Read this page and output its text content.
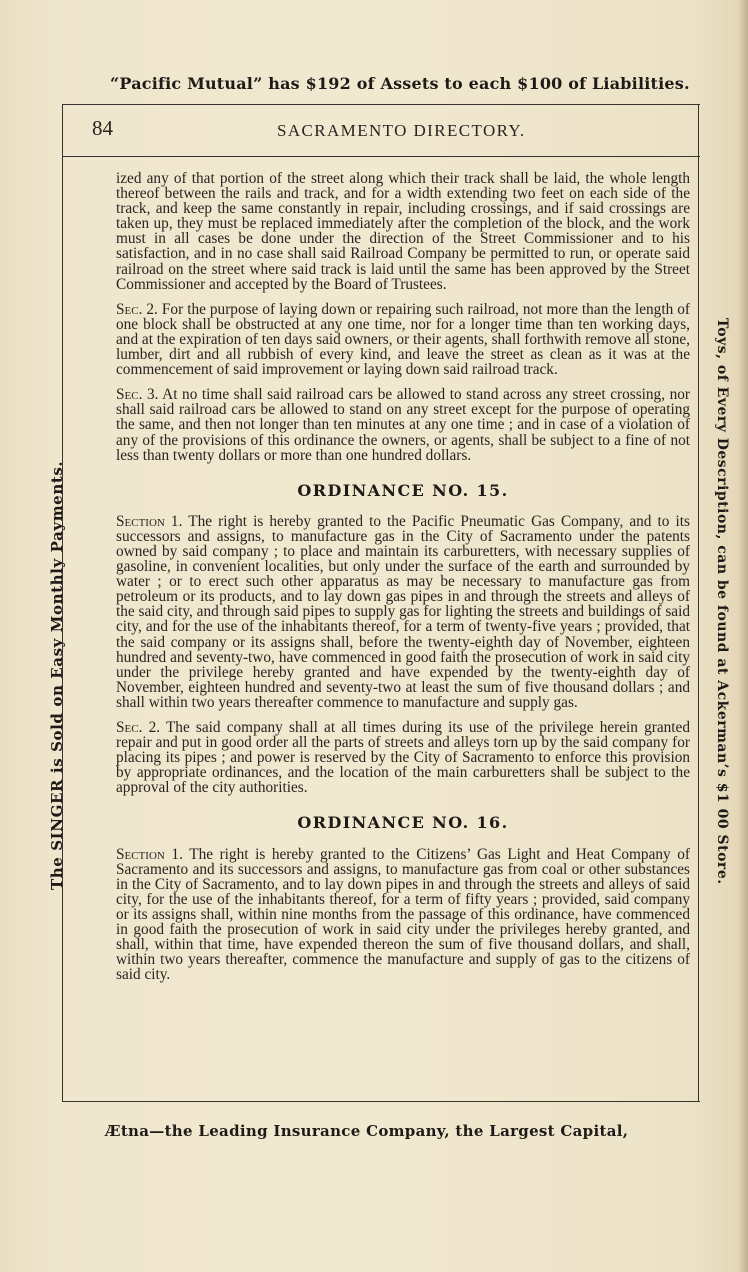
“Pacific Mutual” has $192 of Assets to each $100 of Liabilities.
The SINGER is Sold on Easy Monthly Payments.	Toys, of Every Description, can be found at Ackerman’s $1 00 Store.
84	SACRAMENTO DIRECTORY.

ized any of that portion of the street along which their track shall be laid, the whole length thereof between the rails and track, and for a width extending two feet on each side of the track, and keep the same constantly in repair, including crossings, and if said crossings are taken up, they must be replaced immediately after the completion of the block, and the work must in all cases be done under the direction of the Street Commissioner and to his satisfaction, and in no case shall said Railroad Company be permitted to run, or operate said railroad on the street where said track is laid until the same has been approved by the Street Commissioner and accepted by the Board of Trustees.

Sec. 2. For the purpose of laying down or repairing such railroad, not more than the length of one block shall be obstructed at any one time, nor for a longer time than ten working days, and at the expiration of ten days said owners, or their agents, shall forthwith remove all stone, lumber, dirt and all rubbish of every kind, and leave the street as clean as it was at the commencement of said improvement or laying down said railroad track.

Sec. 3. At no time shall said railroad cars be allowed to stand across any street crossing, nor shall said railroad cars be allowed to stand on any street except for the purpose of operating the same, and then not longer than ten minutes at any one time ; and in case of a violation of any of the provisions of this ordinance the owners, or agents, shall be subject to a fine of not less than twenty dollars or more than one hundred dollars.

ORDINANCE NO. 15.

Section 1. The right is hereby granted to the Pacific Pneumatic Gas Company, and to its successors and assigns, to manufacture gas in the City of Sacramento under the patents owned by said company ; to place and maintain its carburetters, with necessary supplies of gasoline, in convenient localities, but only under the surface of the earth and surrounded by water ; or to erect such other apparatus as may be necessary to manufacture gas from petroleum or its products, and to lay down gas pipes in and through the streets and alleys of the said city, and through said pipes to supply gas for lighting the streets and buildings of said city, and for the use of the inhabitants thereof, for a term of twenty-five years ; provided, that the said company or its assigns shall, before the twenty-eighth day of November, eighteen hundred and seventy-two, have commenced in good faith the prosecution of work in said city under the privilege hereby granted and have expended by the twenty-eighth day of November, eighteen hundred and seventy-two at least the sum of five thousand dollars ; and shall within two years thereafter commence to manufacture and supply gas.

Sec. 2. The said company shall at all times during its use of the privilege herein granted repair and put in good order all the parts of streets and alleys torn up by the said company for placing its pipes ; and power is reserved by the City of Sacramento to enforce this provision by appropriate ordinances, and the location of the main carburetters shall be subject to the approval of the city authorities.

ORDINANCE NO. 16.

Section 1. The right is hereby granted to the Citizens’ Gas Light and Heat Company of Sacramento and its successors and assigns, to manufacture gas from coal or other substances in the City of Sacramento, and to lay down pipes in and through the streets and alleys of said city, for the use of the inhabitants thereof, for a term of fifty years ; provided, said company or its assigns shall, within nine months from the passage of this ordinance, have commenced in good faith the prosecution of work in said city under the privileges hereby granted, and shall, within that time, have expended thereon the sum of five thousand dollars, and shall, within two years thereafter, commence the manufacture and supply of gas to the citizens of said city.

Ætna—the Leading Insurance Company, the Largest Capital,
